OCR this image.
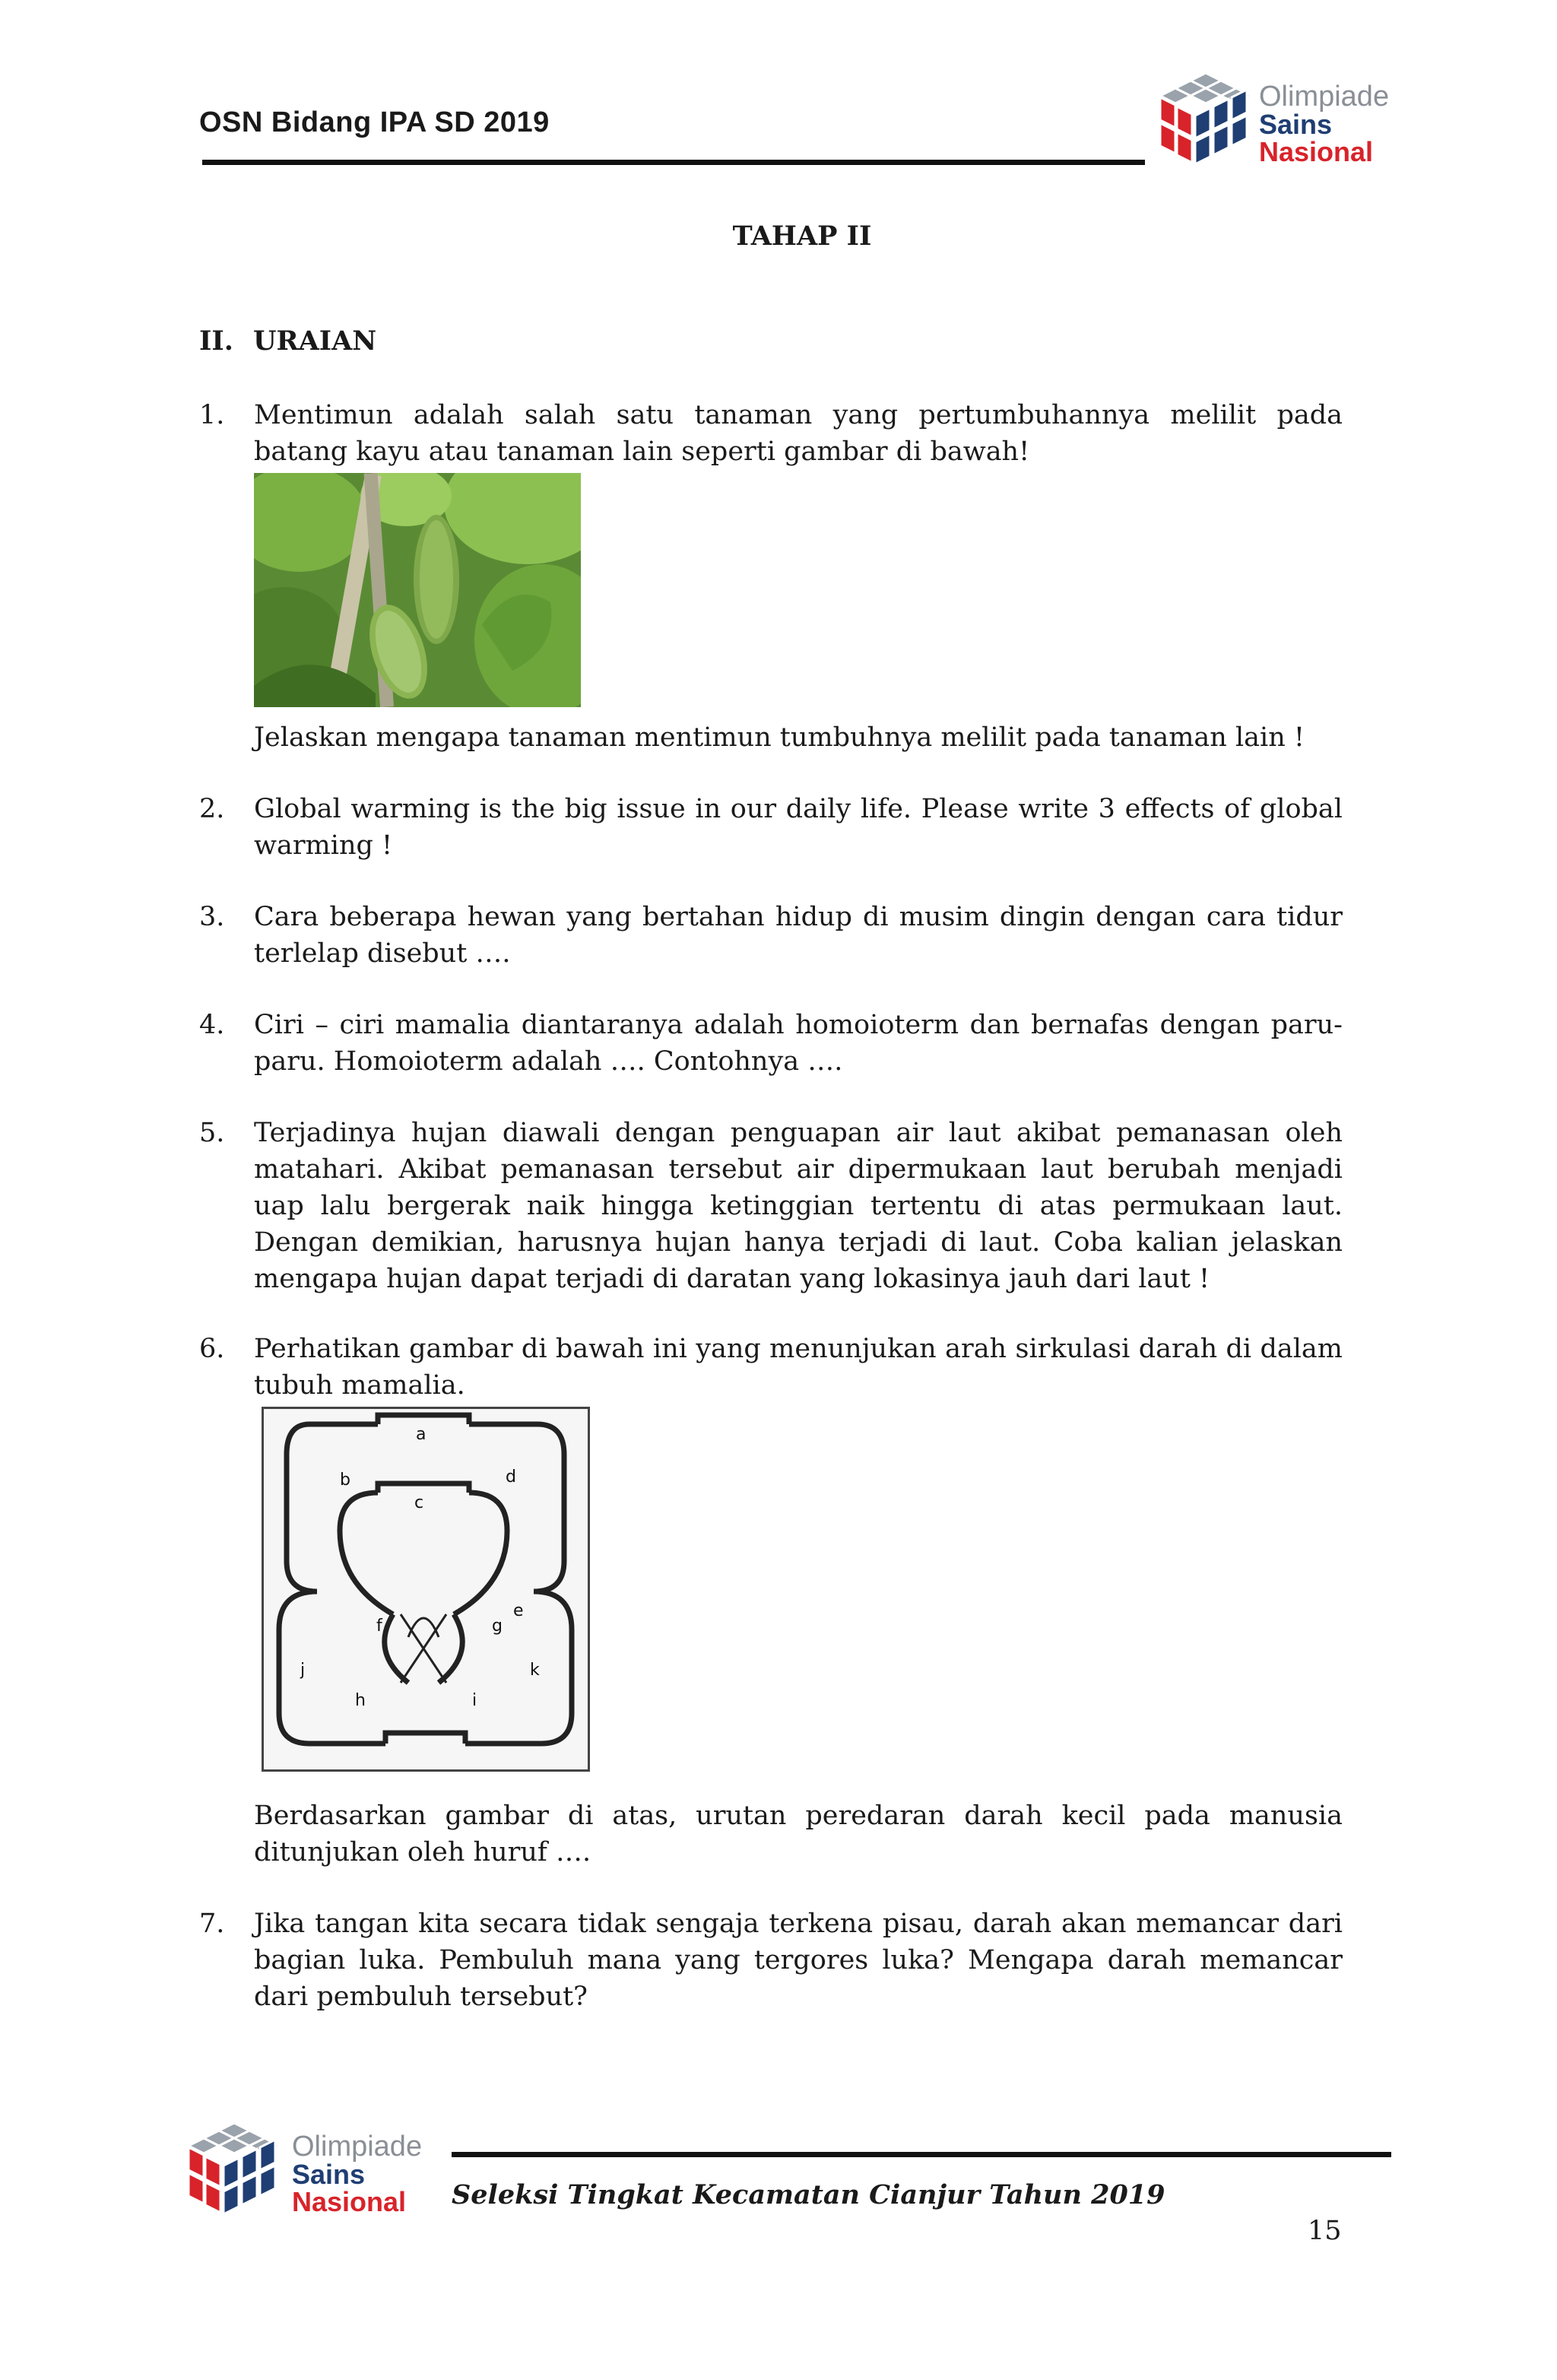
OSN Bidang IPA SD 2019
Olimpiade
Sains
Nasional
TAHAP II
II. URAIAN
1.	Mentimun adalah salah satu tanaman yang pertumbuhannya melilit pada batang kayu atau tanaman lain seperti gambar di bawah!
Jelaskan mengapa tanaman mentimun tumbuhnya melilit pada tanaman lain !
2.	Global warming is the big issue in our daily life. Please write 3 effects of global warming !
3.	Cara beberapa hewan yang bertahan hidup di musim dingin dengan cara tidur terlelap disebut ….
4.	Ciri – ciri mamalia diantaranya adalah homoioterm dan bernafas dengan paru-paru. Homoioterm adalah …. Contohnya ….
5.	Terjadinya hujan diawali dengan penguapan air laut akibat pemanasan oleh matahari. Akibat pemanasan tersebut air dipermukaan laut berubah menjadi uap lalu bergerak naik hingga ketinggian tertentu di atas permukaan laut. Dengan demikian, harusnya hujan hanya terjadi di laut. Coba kalian jelaskan mengapa hujan dapat terjadi di daratan yang lokasinya jauh dari laut !
6.	Perhatikan gambar di bawah ini yang menunjukan arah sirkulasi darah di dalam tubuh mamalia.
a
b
c
d
e
f	g
h	i
j	k
Berdasarkan gambar di atas, urutan peredaran darah kecil pada manusia ditunjukan oleh huruf ….
7.	Jika tangan kita secara tidak sengaja terkena pisau, darah akan memancar dari bagian luka. Pembuluh mana yang tergores luka? Mengapa darah memancar dari pembuluh tersebut?
Olimpiade
Sains
Nasional	Seleksi Tingkat Kecamatan Cianjur Tahun 2019
15
